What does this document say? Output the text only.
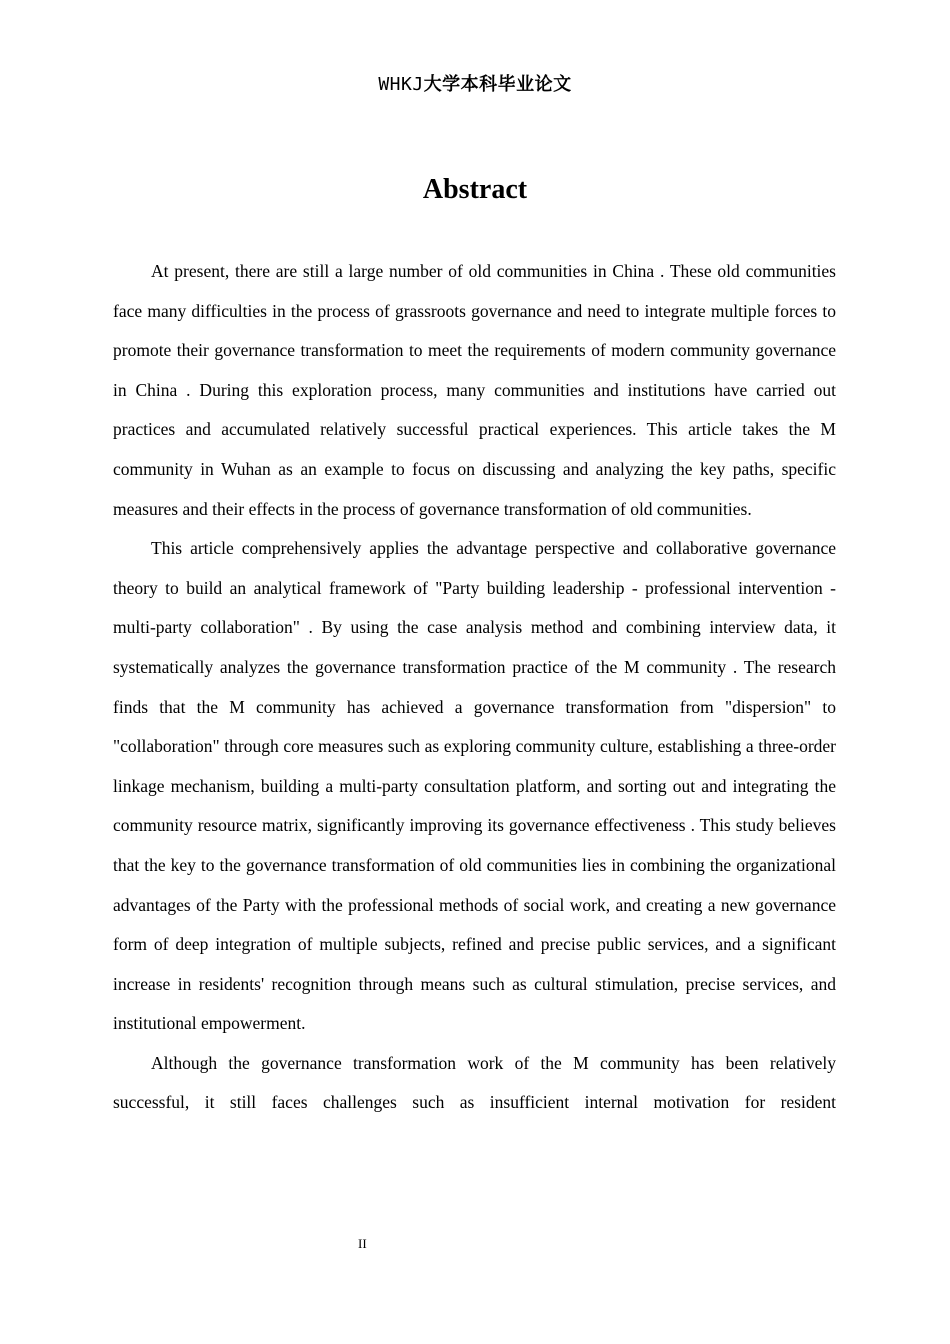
WHKJ大学本科毕业论文
Abstract

At present, there are still a large number of old communities in China . These old communities face many difficulties in the process of grassroots governance and need to integrate multiple forces to promote their governance transformation to meet the requirements of modern community governance in China . During this exploration process, many communities and institutions have carried out practices and accumulated relatively successful practical experiences. This article takes the M community in Wuhan as an example to focus on discussing and analyzing the key paths, specific measures and their effects in the process of governance transformation of old communities.

This article comprehensively applies the advantage perspective and collaborative governance theory to build an analytical framework of "Party building leadership - professional intervention - multi-party collaboration" . By using the case analysis method and combining interview data, it systematically analyzes the governance transformation practice of the M community . The research finds that the M community has achieved a governance transformation from "dispersion" to "collaboration" through core measures such as exploring community culture, establishing a three-order linkage mechanism, building a multi-party consultation platform, and sorting out and integrating the community resource matrix, significantly improving its governance effectiveness . This study believes that the key to the governance transformation of old communities lies in combining the organizational advantages of the Party with the professional methods of social work, and creating a new governance form of deep integration of multiple subjects, refined and precise public services, and a significant increase in residents' recognition through means such as cultural stimulation, precise services, and institutional empowerment.

Although the governance transformation work of the M community has been relatively successful, it still faces challenges such as insufficient internal motivation for resident

II
